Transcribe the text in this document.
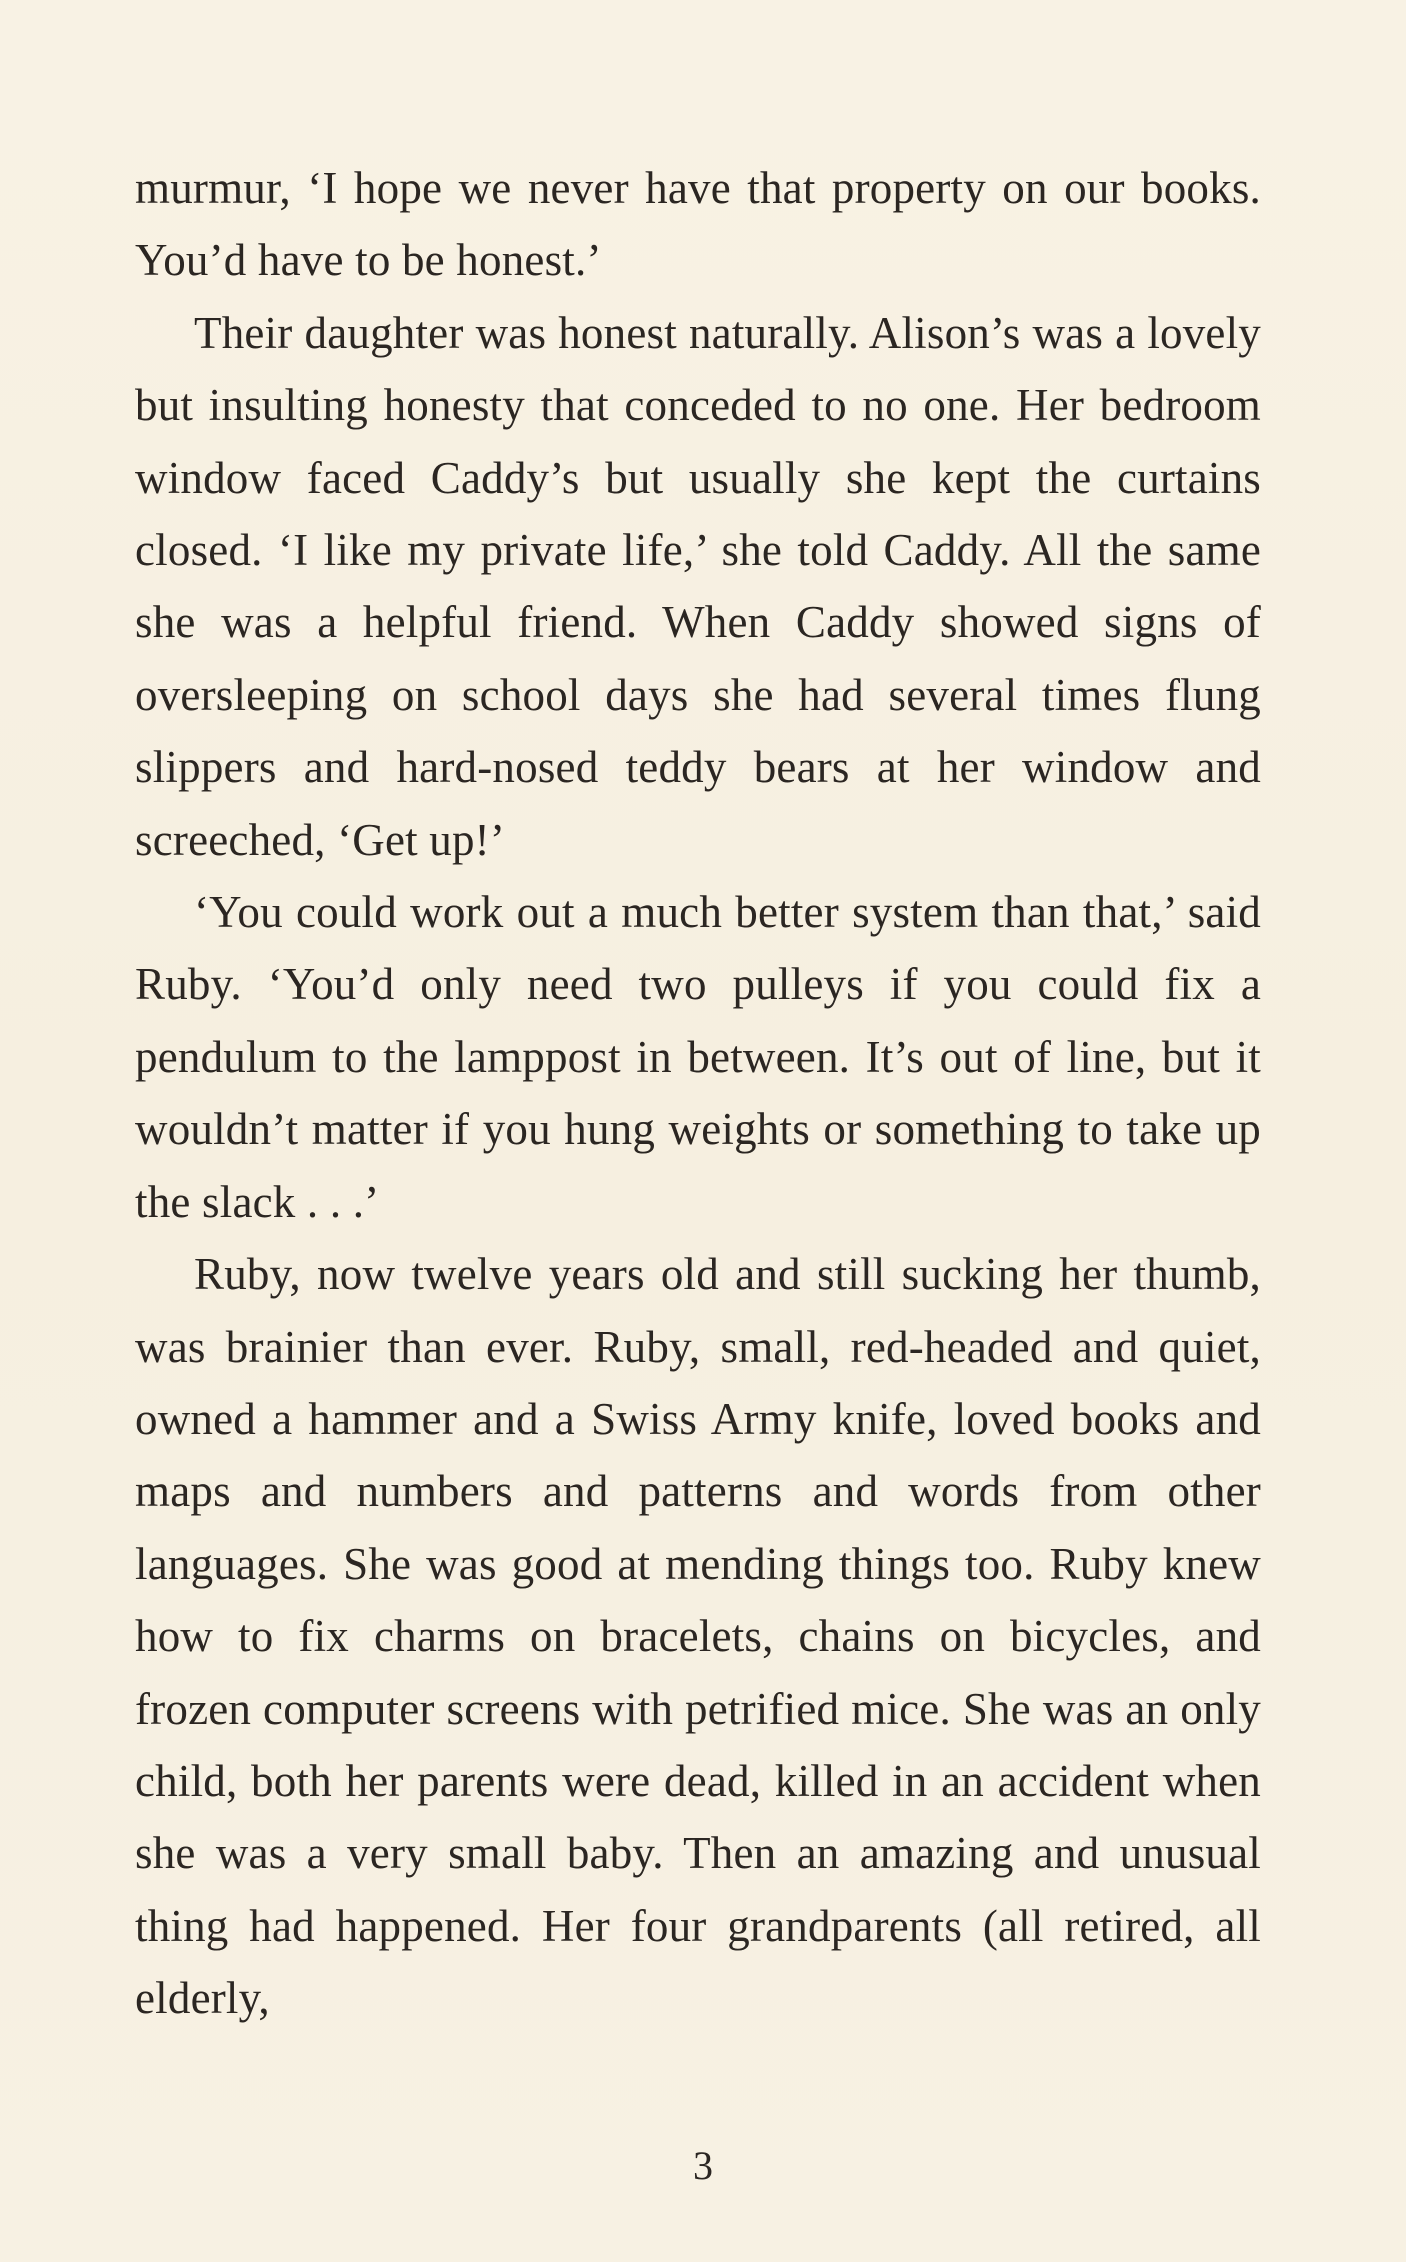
murmur, ‘I hope we never have that property on our books. You’d have to be honest.’

Their daughter was honest naturally. Alison’s was a lovely but insulting honesty that conceded to no one. Her bedroom window faced Caddy’s but usually she kept the curtains closed. ‘I like my private life,’ she told Caddy. All the same she was a helpful friend. When Caddy showed signs of oversleeping on school days she had several times flung slippers and hard-nosed teddy bears at her window and screeched, ‘Get up!’

‘You could work out a much better system than that,’ said Ruby. ‘You’d only need two pulleys if you could fix a pendulum to the lamppost in between. It’s out of line, but it wouldn’t matter if you hung weights or something to take up the slack . . .’

Ruby, now twelve years old and still sucking her thumb, was brainier than ever. Ruby, small, red-headed and quiet, owned a hammer and a Swiss Army knife, loved books and maps and numbers and patterns and words from other languages. She was good at mending things too. Ruby knew how to fix charms on bracelets, chains on bicycles, and frozen computer screens with petrified mice. She was an only child, both her parents were dead, killed in an accident when she was a very small baby. Then an amazing and unusual thing had happened. Her four grandparents (all retired, all elderly,

3
